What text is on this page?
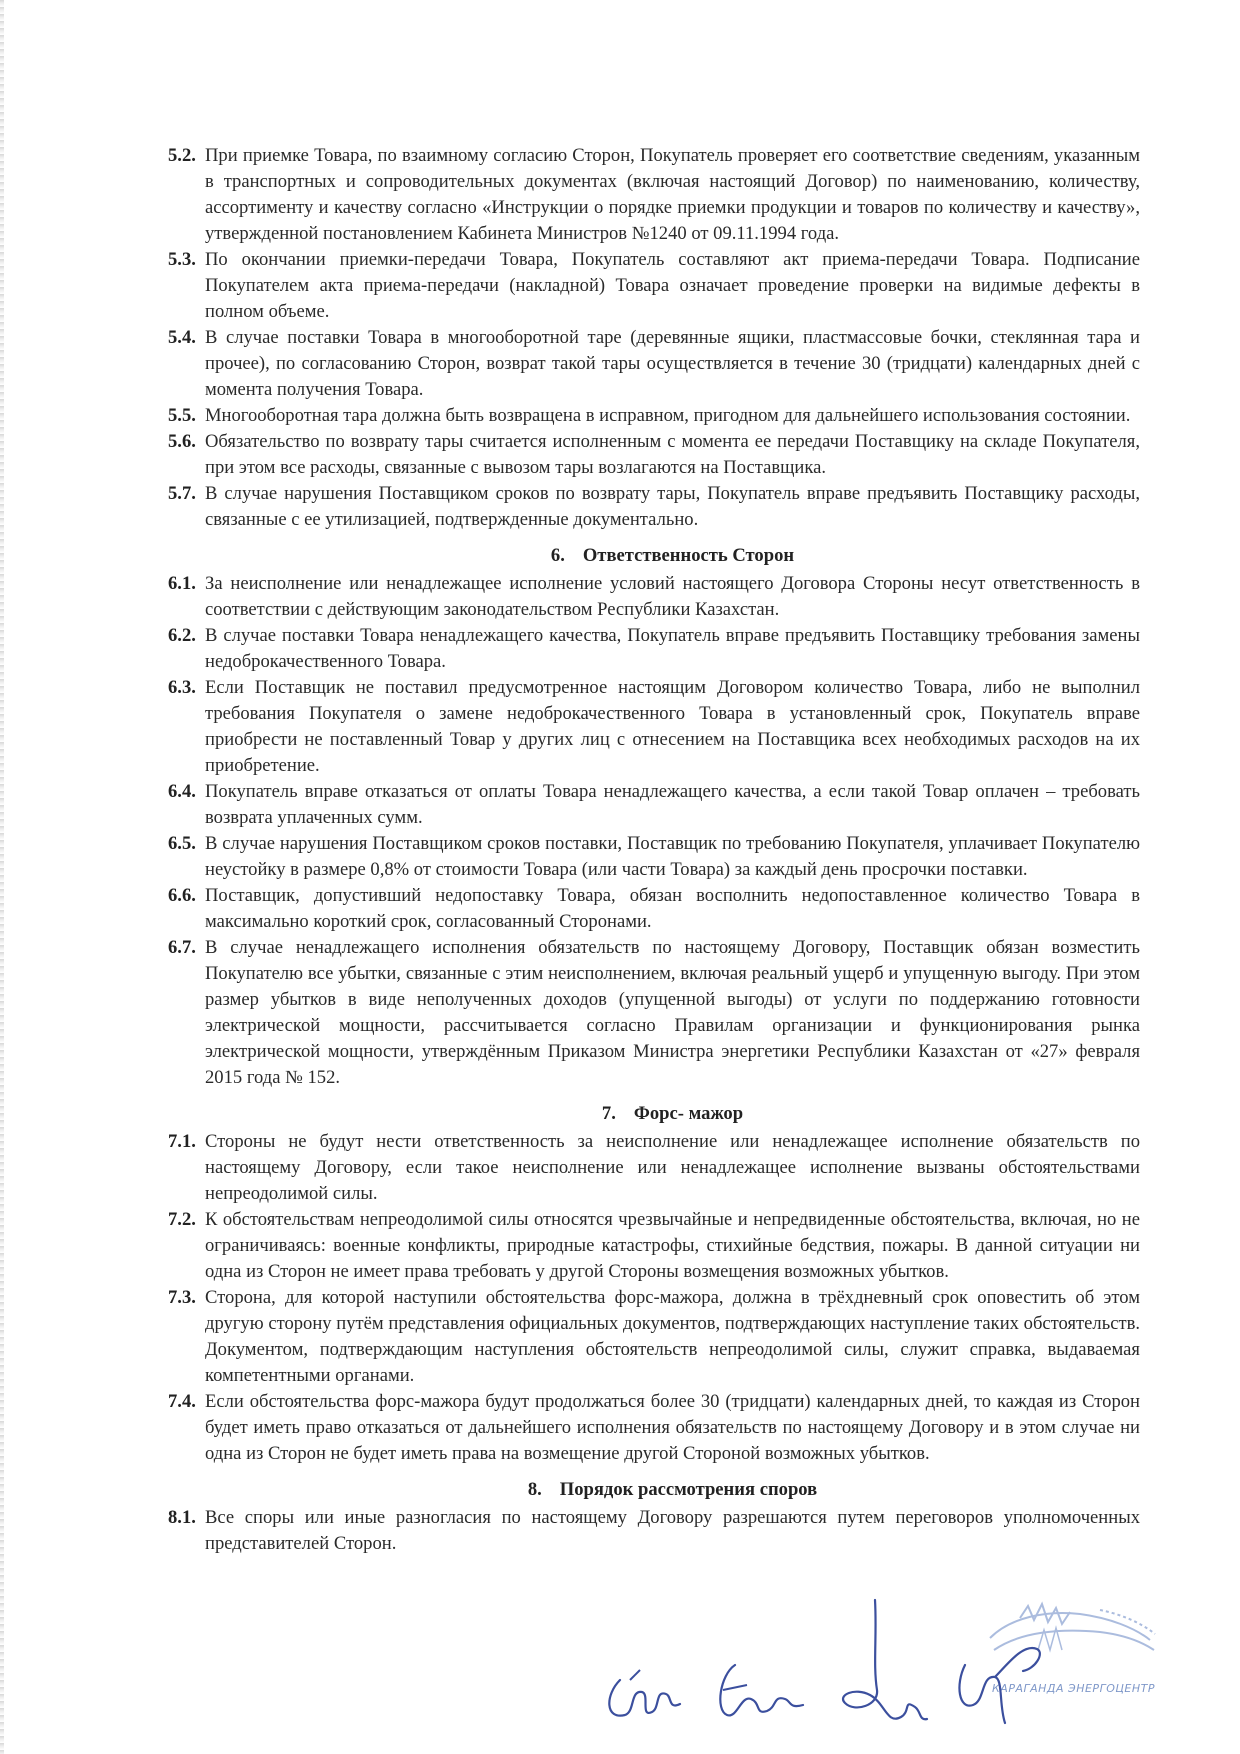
5.2. При приемке Товара, по взаимному согласию Сторон, Покупатель проверяет его соответствие сведениям, указанным в транспортных и сопроводительных документах (включая настоящий Договор) по наименованию, количеству, ассортименту и качеству согласно «Инструкции о порядке приемки продукции и товаров по количеству и качеству», утвержденной постановлением Кабинета Министров №1240 от 09.11.1994 года.
5.3. По окончании приемки-передачи Товара, Покупатель составляют акт приема-передачи Товара. Подписание Покупателем акта приема-передачи (накладной) Товара означает проведение проверки на видимые дефекты в полном объеме.
5.4. В случае поставки Товара в многооборотной таре (деревянные ящики, пластмассовые бочки, стеклянная тара и прочее), по согласованию Сторон, возврат такой тары осуществляется в течение 30 (тридцати) календарных дней с момента получения Товара.
5.5. Многооборотная тара должна быть возвращена в исправном, пригодном для дальнейшего использования состоянии.
5.6. Обязательство по возврату тары считается исполненным с момента ее передачи Поставщику на складе Покупателя, при этом все расходы, связанные с вывозом тары возлагаются на Поставщика.
5.7. В случае нарушения Поставщиком сроков по возврату тары, Покупатель вправе предъявить Поставщику расходы, связанные с ее утилизацией, подтвержденные документально.
6. Ответственность Сторон
6.1. За неисполнение или ненадлежащее исполнение условий настоящего Договора Стороны несут ответственность в соответствии с действующим законодательством Республики Казахстан.
6.2. В случае поставки Товара ненадлежащего качества, Покупатель вправе предъявить Поставщику требования замены недоброкачественного Товара.
6.3. Если Поставщик не поставил предусмотренное настоящим Договором количество Товара, либо не выполнил требования Покупателя о замене недоброкачественного Товара в установленный срок, Покупатель вправе приобрести не поставленный Товар у других лиц с отнесением на Поставщика всех необходимых расходов на их приобретение.
6.4. Покупатель вправе отказаться от оплаты Товара ненадлежащего качества, а если такой Товар оплачен – требовать возврата уплаченных сумм.
6.5. В случае нарушения Поставщиком сроков поставки, Поставщик по требованию Покупателя, уплачивает Покупателю неустойку в размере 0,8% от стоимости Товара (или части Товара) за каждый день просрочки поставки.
6.6. Поставщик, допустивший недопоставку Товара, обязан восполнить недопоставленное количество Товара в максимально короткий срок, согласованный Сторонами.
6.7. В случае ненадлежащего исполнения обязательств по настоящему Договору, Поставщик обязан возместить Покупателю все убытки, связанные с этим неисполнением, включая реальный ущерб и упущенную выгоду. При этом размер убытков в виде неполученных доходов (упущенной выгоды) от услуги по поддержанию готовности электрической мощности, рассчитывается согласно Правилам организации и функционирования рынка электрической мощности, утверждённым Приказом Министра энергетики Республики Казахстан от «27» февраля 2015 года № 152.
7. Форс- мажор
7.1. Стороны не будут нести ответственность за неисполнение или ненадлежащее исполнение обязательств по настоящему Договору, если такое неисполнение или ненадлежащее исполнение вызваны обстоятельствами непреодолимой силы.
7.2. К обстоятельствам непреодолимой силы относятся чрезвычайные и непредвиденные обстоятельства, включая, но не ограничиваясь: военные конфликты, природные катастрофы, стихийные бедствия, пожары. В данной ситуации ни одна из Сторон не имеет права требовать у другой Стороны возмещения возможных убытков.
7.3. Сторона, для которой наступили обстоятельства форс-мажора, должна в трёхдневный срок оповестить об этом другую сторону путём представления официальных документов, подтверждающих наступление таких обстоятельств. Документом, подтверждающим наступления обстоятельств непреодолимой силы, служит справка, выдаваемая компетентными органами.
7.4. Если обстоятельства форс-мажора будут продолжаться более 30 (тридцати) календарных дней, то каждая из Сторон будет иметь право отказаться от дальнейшего исполнения обязательств по настоящему Договору и в этом случае ни одна из Сторон не будет иметь права на возмещение другой Стороной возможных убытков.
8. Порядок рассмотрения споров
8.1. Все споры или иные разногласия по настоящему Договору разрешаются путем переговоров уполномоченных представителей Сторон.
КАРАГАНДА ЭНЕРГОЦЕНТР
